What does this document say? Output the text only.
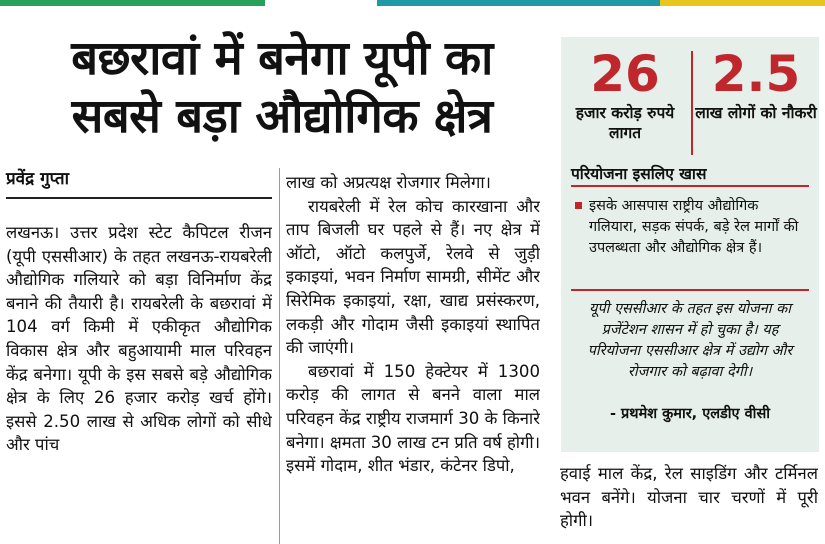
बछरावां में बनेगा यूपी का
सबसे बड़ा औद्योगिक क्षेत्र
प्रवेंद्र गुप्ता
लखनऊ। उत्तर प्रदेश स्टेट कैपिटल रीजन (यूपी एससीआर) के तहत लखनऊ-रायबरेली औद्योगिक गलियारे को बड़ा विनिर्माण केंद्र बनाने की तैयारी है। रायबरेली के बछरावां में 104 वर्ग किमी में एकीकृत औद्योगिक विकास क्षेत्र और बहुआयामी माल परिवहन केंद्र बनेगा। यूपी के इस सबसे बड़े औद्योगिक क्षेत्र के लिए 26 हजार करोड़ खर्च होंगे। इससे 2.50 लाख से अधिक लोगों को सीधे और पांच

लाख को अप्रत्यक्ष रोजगार मिलेगा।

रायबरेली में रेल कोच कारखाना और ताप बिजली घर पहले से हैं। नए क्षेत्र में ऑटो, ऑटो कलपुर्जे, रेलवे से जुड़ी इकाइयां, भवन निर्माण सामग्री, सीमेंट और सिरेमिक इकाइयां, रक्षा, खाद्य प्रसंस्करण, लकड़ी और गोदाम जैसी इकाइयां स्थापित की जाएंगी।

बछरावां में 150 हेक्टेयर में 1300 करोड़ की लागत से बनने वाला माल परिवहन केंद्र राष्ट्रीय राजमार्ग 30 के किनारे बनेगा। क्षमता 30 लाख टन प्रति वर्ष होगी। इसमें गोदाम, शीत भंडार, कंटेनर डिपो,

26
हजार करोड़ रुपये लागत
2.5
लाख लोगों को नौकरी
परियोजना इसलिए खास
इसके आसपास राष्ट्रीय औद्योगिक गलियारा, सड़क संपर्क, बड़े रेल मार्गों की उपलब्धता और औद्योगिक क्षेत्र हैं।
यूपी एससीआर के तहत इस योजना का प्रजेंटेशन शासन में हो चुका है। यह परियोजना एससीआर क्षेत्र में उद्योग और रोजगार को बढ़ावा देगी।
- प्रथमेश कुमार, एलडीए वीसी
हवाई माल केंद्र, रेल साइडिंग और टर्मिनल भवन बनेंगे। योजना चार चरणों में पूरी होगी।
